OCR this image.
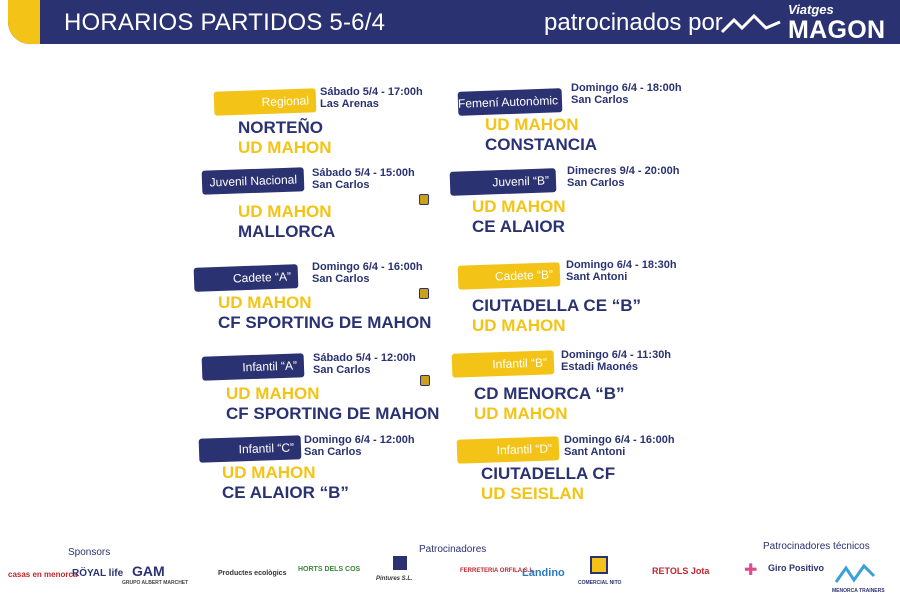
HORARIOS PARTIDOS 5-6/4	patrocinados por	Viatges
MAGON
Regional
Sábado 5/4 - 17:00h
Las Arenas
NORTEÑO
UD MAHON
Juvenil Nacional	Sábado 5/4 - 15:00h
San Carlos
UD MAHON
MALLORCA
Cadete “A”
Domingo 6/4 - 16:00h
San Carlos
UD MAHON
CF SPORTING DE MAHON
Infantil “A”
Sábado 5/4 - 12:00h
San Carlos
UD MAHON
CF SPORTING DE MAHON
Infantil “C”
Domingo 6/4 - 12:00h
San Carlos
UD MAHON
CE ALAIOR “B”
Femení Autonòmic
Domingo 6/4 - 18:00h
San Carlos
UD MAHON
CONSTANCIA
Juvenil “B”
Dimecres 9/4 - 20:00h
San Carlos
UD MAHON
CE ALAIOR
Cadete “B”
Domingo 6/4 - 18:30h
Sant Antoni
CIUTADELLA CE “B”
UD MAHON
Infantil “B”
Domingo 6/4 - 11:30h
Estadi Maonés
CD MENORCA “B”
UD MAHON
Infantil “D”
Domingo 6/4 - 16:00h
Sant Antoni
CIUTADELLA CF
UD SEISLAN
Sponsors	Patrocinadores	Patrocinadores técnicos
casas en menorca
RÖYAL life GAM
GRUPO ALBERT MARCHET
Productes ecològics
HORTS DELS COS
Pintures S.L.
FERRETERIA ORFILA,S.L.
Landino
COMERCIAL NITO
RETOLS Jota ✚ Giro Positivo
MENORCA TRAINERS
